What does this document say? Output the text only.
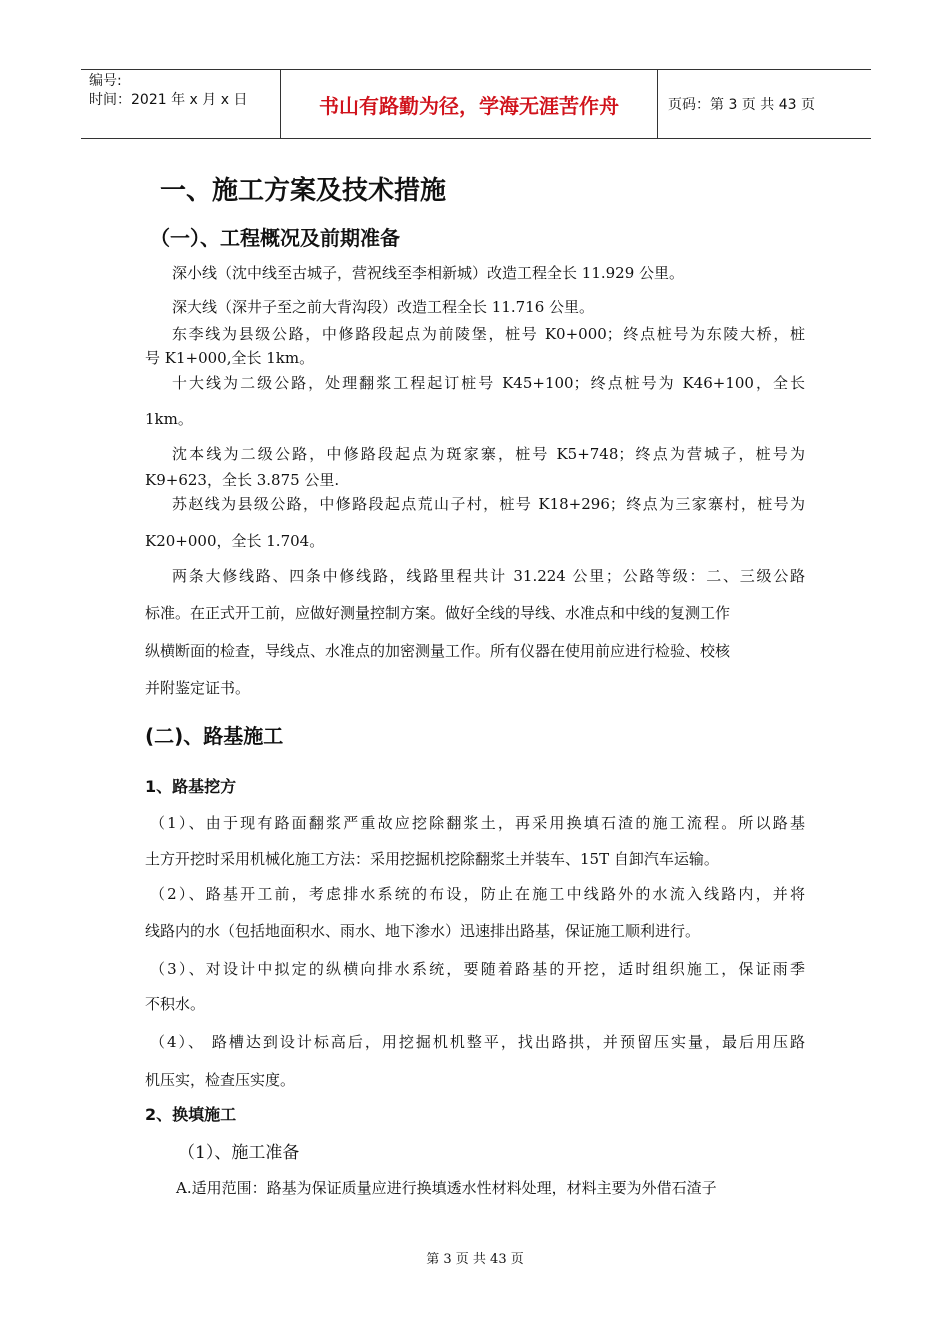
编号:
时间：2021 年 x 月 x 日	书山有路勤为径，学海无涯苦作舟	页码：第 3 页 共 43 页
一、施工方案及技术措施
（一）、工程概况及前期准备
深小线（沈中线至古城子，营祝线至李相新城）改造工程全长 11.929 公里。
深大线（深井子至之前大背沟段）改造工程全长 11.716 公里。
东李线为县级公路，中修路段起点为前陵堡，桩号 K0+000；终点桩号为东陵大桥，桩
号 K1+000,全长 1km。
十大线为二级公路，处理翻浆工程起订桩号 K45+100；终点桩号为 K46+100，全长
1km。
沈本线为二级公路，中修路段起点为斑家寨，桩号 K5+748；终点为营城子，桩号为
K9+623，全长 3.875 公里.
苏赵线为县级公路，中修路段起点荒山子村，桩号 K18+296；终点为三家寨村，桩号为
K20+000，全长 1.704。
两条大修线路、四条中修线路，线路里程共计 31.224 公里；公路等级：二、三级公路
标准。在正式开工前，应做好测量控制方案。做好全线的导线、水准点和中线的复测工作
纵横断面的检查，导线点、水准点的加密测量工作。所有仪器在使用前应进行检验、校核
并附鉴定证书。
(二)、路基施工
1、路基挖方
（1）、由于现有路面翻浆严重故应挖除翻浆土，再采用换填石渣的施工流程。所以路基
土方开挖时采用机械化施工方法：采用挖掘机挖除翻浆土并装车、15T 自卸汽车运输。
（2）、路基开工前，考虑排水系统的布设，防止在施工中线路外的水流入线路内，并将
线路内的水（包括地面积水、雨水、地下渗水）迅速排出路基，保证施工顺利进行。
（3）、对设计中拟定的纵横向排水系统，要随着路基的开挖，适时组织施工，保证雨季
不积水。
（4）、 路槽达到设计标高后，用挖掘机机整平，找出路拱，并预留压实量，最后用压路
机压实，检查压实度。
2、换填施工
（1）、施工准备
A.适用范围：路基为保证质量应进行换填透水性材料处理，材料主要为外借石渣子
第 3 页 共 43 页
